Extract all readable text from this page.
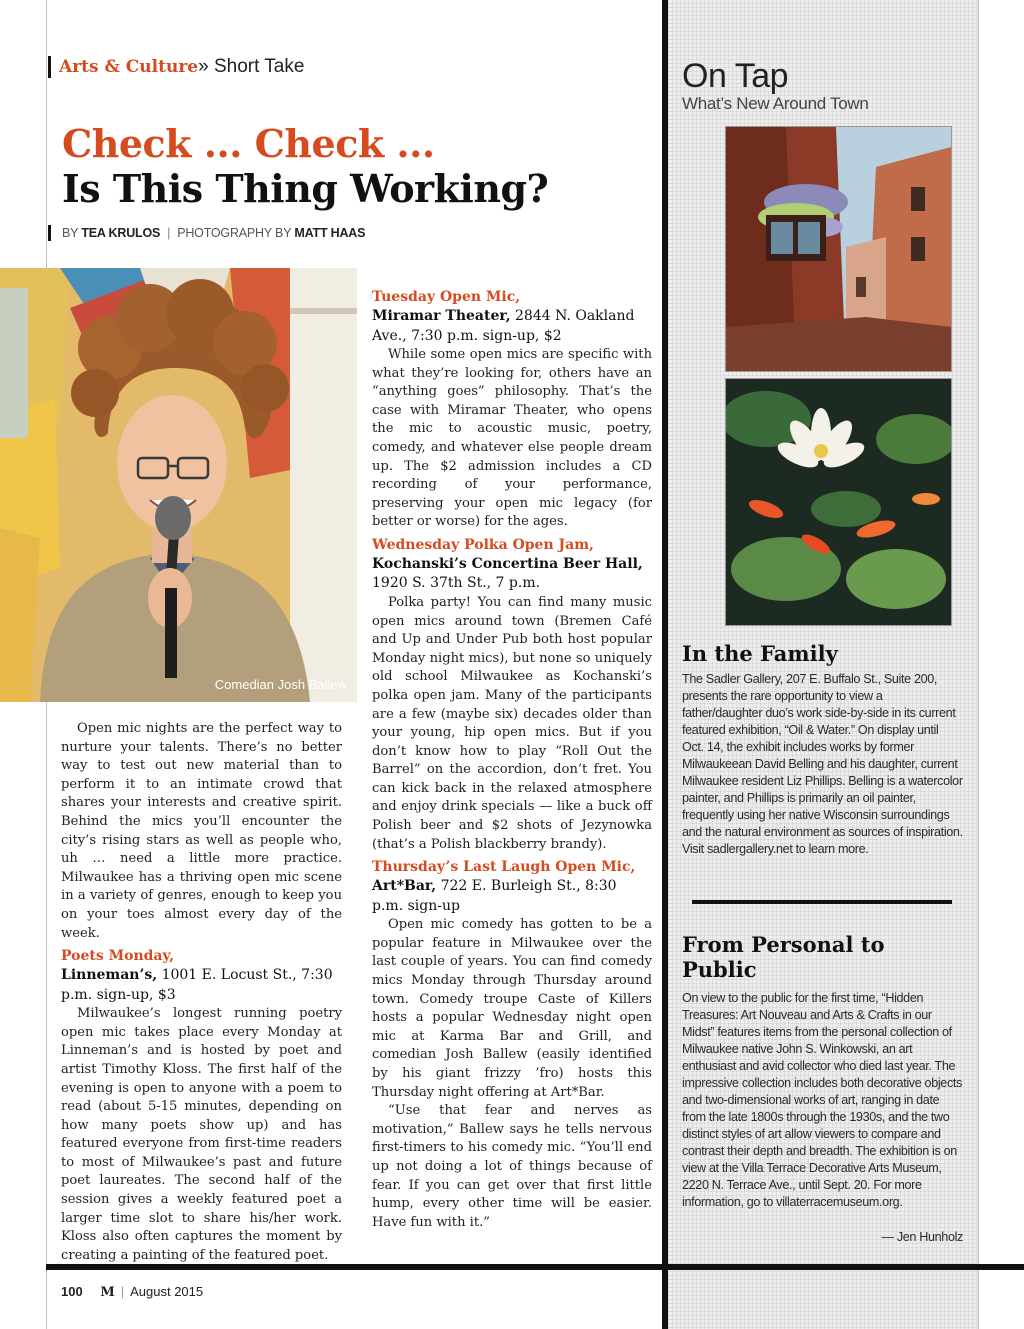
Arts & Culture» Short Take
Check ... Check ...
Is This Thing Working?
BY TEA KRULOS | PHOTOGRAPHY BY MATT HAAS
Comedian Josh Ballew

Open mic nights are the perfect way to nurture your talents. There’s no better way to test out new material than to perform it to an intimate crowd that shares your interests and creative spirit. Behind the mics you’ll encounter the city’s rising stars as well as people who, uh … need a little more practice. Milwaukee has a thriving open mic scene in a variety of genres, enough to keep you on your toes almost every day of the week.

Poets Monday,
Linneman’s, 1001 E. Locust St., 7:30 p.m. sign-up, $3

Milwaukee’s longest running poetry open mic takes place every Monday at Linneman’s and is hosted by poet and artist Timothy Kloss. The first half of the evening is open to anyone with a poem to read (about 5-15 minutes, depending on how many poets show up) and has featured everyone from first-time readers to most of Milwaukee’s past and future poet laureates. The second half of the session gives a weekly featured poet a larger time slot to share his/her work. Kloss also often captures the moment by creating a painting of the featured poet.

Tuesday Open Mic,
Miramar Theater, 2844 N. Oakland Ave., 7:30 p.m. sign-up, $2

While some open mics are specific with what they’re looking for, others have an “anything goes” philosophy. That’s the case with Miramar Theater, who opens the mic to acoustic music, poetry, comedy, and whatever else people dream up. The $2 admission includes a CD recording of your performance, preserving your open mic legacy (for better or worse) for the ages.

Wednesday Polka Open Jam,
Kochanski’s Concertina Beer Hall, 1920 S. 37th St., 7 p.m.

Polka party! You can find many music open mics around town (Bremen Café and Up and Under Pub both host popular Monday night mics), but none so uniquely old school Milwaukee as Kochanski’s polka open jam. Many of the participants are a few (maybe six) decades older than your young, hip open mics. But if you don’t know how to play “Roll Out the Barrel” on the accordion, don’t fret. You can kick back in the relaxed atmosphere and enjoy drink specials — like a buck off Polish beer and $2 shots of Jezynowka (that’s a Polish blackberry brandy).

Thursday’s Last Laugh Open Mic,
Art*Bar, 722 E. Burleigh St., 8:30 p.m. sign-up

Open mic comedy has gotten to be a popular feature in Milwaukee over the last couple of years. You can find comedy mics Monday through Thursday around town. Comedy troupe Caste of Killers hosts a popular Wednesday night open mic at Karma Bar and Grill, and comedian Josh Ballew (easily identified by his giant frizzy ’fro) hosts this Thursday night offering at Art*Bar.

“Use that fear and nerves as motivation,” Ballew says he tells nervous first-timers to his comedy mic. “You’ll end up not doing a lot of things because of fear. If you can get over that first little hump, every other time will be easier. Have fun with it.”

On Tap
What’s New Around Town
In the Family

The Sadler Gallery, 207 E. Buffalo St., Suite 200, presents the rare opportunity to view a father/daughter duo’s work side-by-side in its current featured exhibition, “Oil & Water.” On display until Oct. 14, the exhibit includes works by former Milwaukeean David Belling and his daughter, current Milwaukee resident Liz Phillips. Belling is a watercolor painter, and Phillips is primarily an oil painter, frequently using her native Wisconsin surroundings and the natural environment as sources of inspiration. Visit sadlergallery.net to learn more.

From Personal to Public

On view to the public for the first time, “Hidden Treasures: Art Nouveau and Arts & Crafts in our Midst” features items from the personal collection of Milwaukee native John S. Winkowski, an art enthusiast and avid collector who died last year. The impressive collection includes both decorative objects and two-dimensional works of art, ranging in date from the late 1800s through the 1930s, and the two distinct styles of art allow viewers to compare and contrast their depth and breadth. The exhibition is on view at the Villa Terrace Decorative Arts Museum, 2220 N. Terrace Ave., until Sept. 20. For more information, go to villaterracemuseum.org.

— Jen Hunholz
100 M | August 2015
